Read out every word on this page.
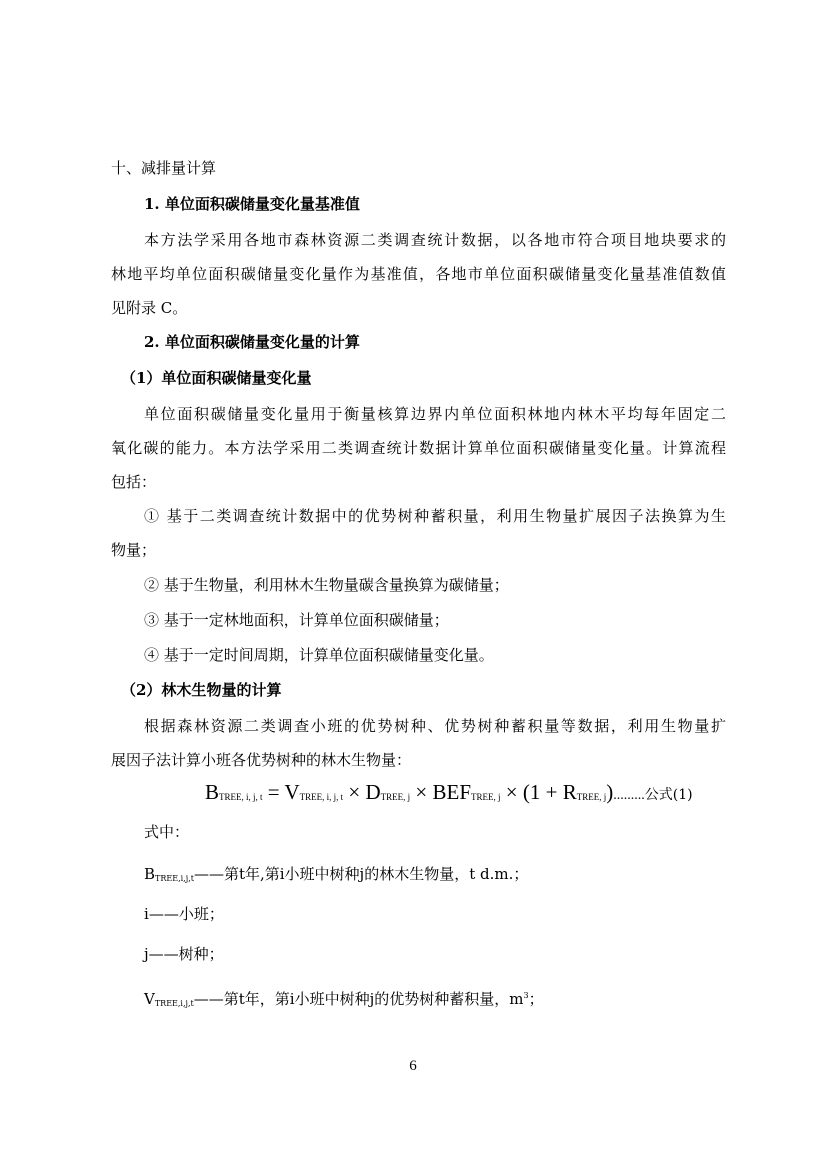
十、减排量计算
1. 单位面积碳储量变化量基准值
本方法学采用各地市森林资源二类调查统计数据，以各地市符合项目地块要求的
林地平均单位面积碳储量变化量作为基准值，各地市单位面积碳储量变化量基准值数值
见附录 C。
2. 单位面积碳储量变化量的计算
（1）单位面积碳储量变化量
单位面积碳储量变化量用于衡量核算边界内单位面积林地内林木平均每年固定二
氧化碳的能力。本方法学采用二类调查统计数据计算单位面积碳储量变化量。计算流程
包括：
① 基于二类调查统计数据中的优势树种蓄积量，利用生物量扩展因子法换算为生
物量；
② 基于生物量，利用林木生物量碳含量换算为碳储量；
③ 基于一定林地面积，计算单位面积碳储量；
④ 基于一定时间周期，计算单位面积碳储量变化量。
（2）林木生物量的计算
根据森林资源二类调查小班的优势树种、优势树种蓄积量等数据，利用生物量扩
展因子法计算小班各优势树种的林木生物量：
BTREE, i, j, t = VTREE, i, j, t × DTREE, j × BEFTREE, j × (1 + RTREE, j).........公式(1)
式中：
$B_{TREE,i,j,t}——$第t年,第i小班中树种j的林木生物量，t d.m.；
i——小班；
j——树种；
$V_{TREE,i,j,t}——$第t年，第i小班中树种j的优势树种蓄积量，$m^3$；
6
